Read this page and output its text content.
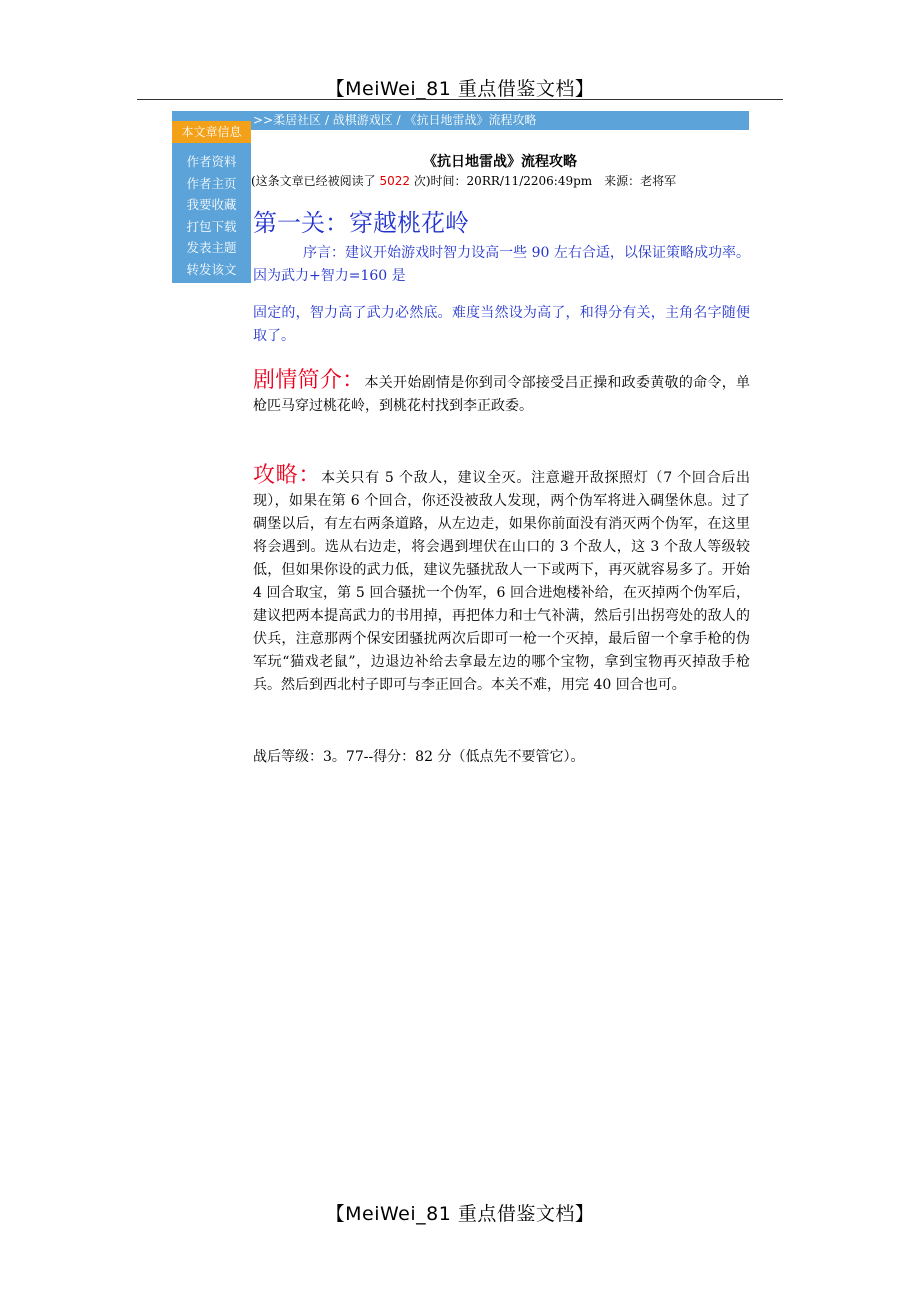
【MeiWei_81 重点借鉴文档】
本文章信息
作者资料
作者主页
我要收藏
打包下载
发表主题
转发该文
>>柔居社区 / 战棋游戏区 / 《抗日地雷战》流程攻略
《抗日地雷战》流程攻略
(这条文章已经被阅读了 5022 次)时间：20RR/11/2206:49pm　来源：老将军
第一关：穿越桃花岭
序言：建议开始游戏时智力设高一些 90 左右合适，以保证策略成功率。因为武力+智力=160 是
固定的，智力高了武力必然底。难度当然设为高了，和得分有关，主角名字随便取了。
剧情简介：本关开始剧情是你到司令部接受吕正操和政委黄敬的命令，单枪匹马穿过桃花岭，到桃花村找到李正政委。
攻略：本关只有 5 个敌人，建议全灭。注意避开敌探照灯（7 个回合后出现），如果在第 6 个回合，你还没被敌人发现，两个伪军将进入碉堡休息。过了碉堡以后，有左右两条道路，从左边走，如果你前面没有消灭两个伪军，在这里将会遇到。选从右边走，将会遇到埋伏在山口的 3 个敌人，这 3 个敌人等级较低，但如果你设的武力低，建议先骚扰敌人一下或两下，再灭就容易多了。开始 4 回合取宝，第 5 回合骚扰一个伪军，6 回合进炮楼补给，在灭掉两个伪军后，建议把两本提高武力的书用掉，再把体力和士气补满，然后引出拐弯处的敌人的伏兵，注意那两个保安团骚扰两次后即可一枪一个灭掉，最后留一个拿手枪的伪军玩“猫戏老鼠”，边退边补给去拿最左边的哪个宝物，拿到宝物再灭掉敌手枪兵。然后到西北村子即可与李正回合。本关不难，用完 40 回合也可。
战后等级：3。77--得分：82 分（低点先不要管它）。
【MeiWei_81 重点借鉴文档】
